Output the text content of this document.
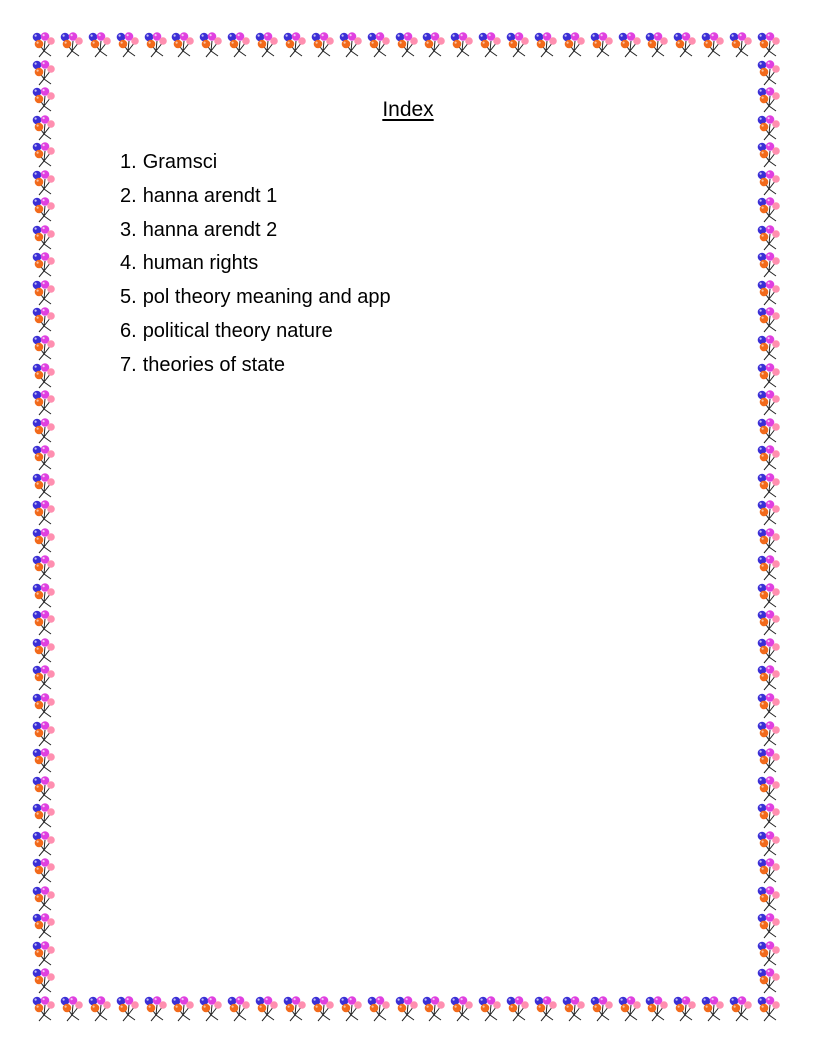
Index
1. Gramsci
2. hanna arendt 1
3. hanna arendt 2
4. human rights
5. pol theory meaning and app
6. political theory nature
7. theories of state
